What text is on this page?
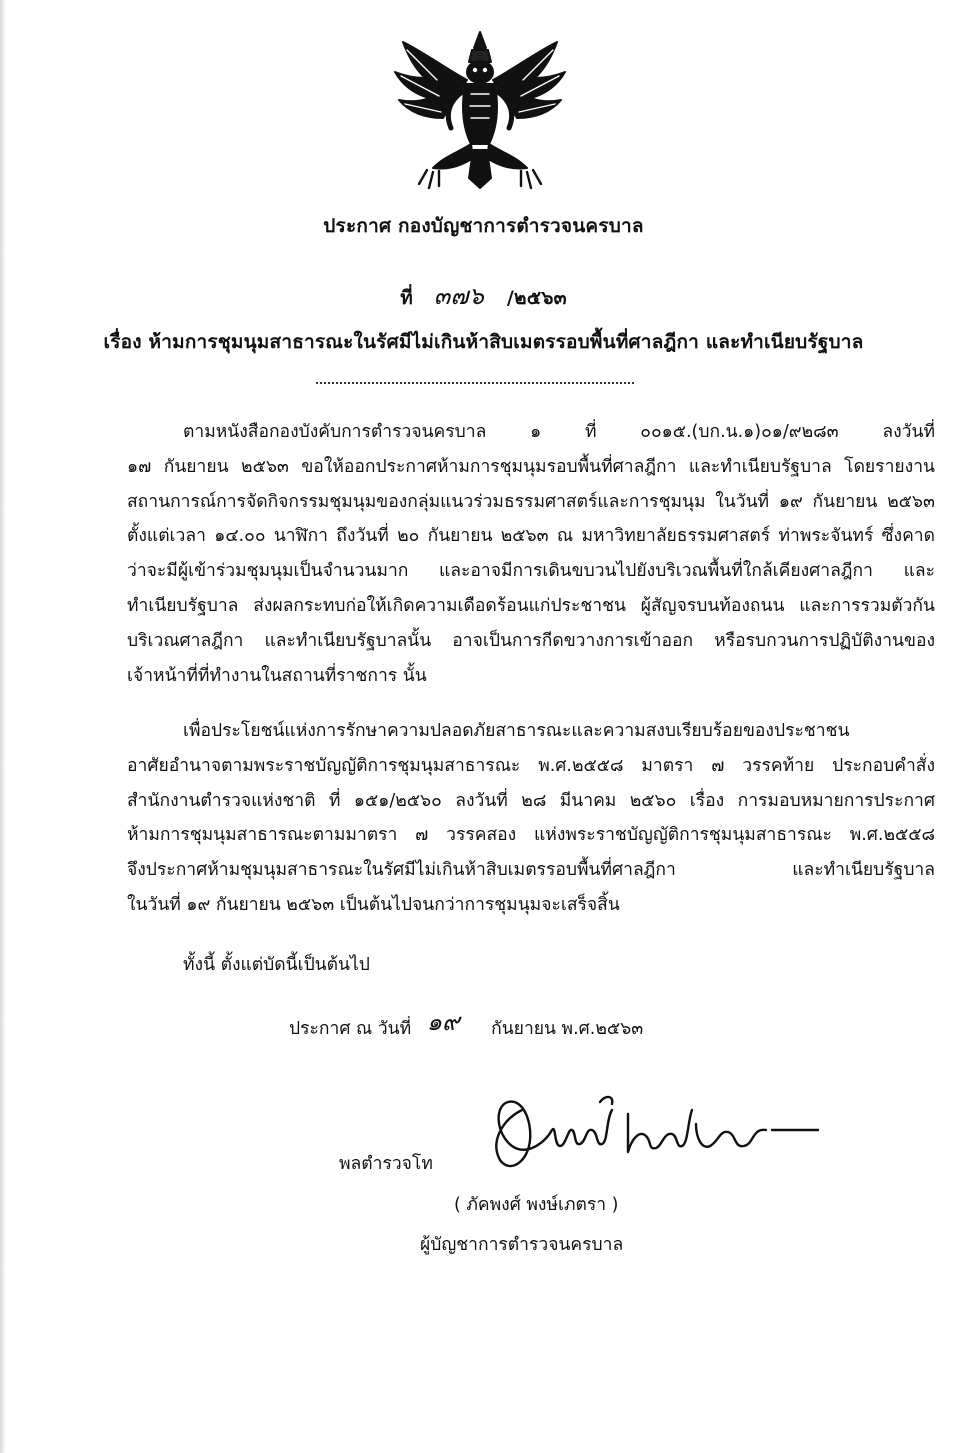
ประกาศ กองบัญชาการตำรวจนครบาล
ที่ ๓๗๖ /๒๕๖๓
เรื่อง ห้ามการชุมนุมสาธารณะในรัศมีไม่เกินห้าสิบเมตรรอบพื้นที่ศาลฎีกา และทำเนียบรัฐบาล
ตามหนังสือกองบังคับการตำรวจนครบาล ๑ ที่ ๐๐๑๕.(บก.น.๑)๐๑/๙๒๘๓ ลงวันที่
๑๗ กันยายน ๒๕๖๓ ขอให้ออกประกาศห้ามการชุมนุมรอบพื้นที่ศาลฎีกา และทำเนียบรัฐบาล โดยรายงาน
สถานการณ์การจัดกิจกรรมชุมนุมของกลุ่มแนวร่วมธรรมศาสตร์และการชุมนุม ในวันที่ ๑๙ กันยายน ๒๕๖๓
ตั้งแต่เวลา ๑๔.๐๐ นาฬิกา ถึงวันที่ ๒๐ กันยายน ๒๕๖๓ ณ มหาวิทยาลัยธรรมศาสตร์ ท่าพระจันทร์ ซึ่งคาด
ว่าจะมีผู้เข้าร่วมชุมนุมเป็นจำนวนมาก และอาจมีการเดินขบวนไปยังบริเวณพื้นที่ใกล้เคียงศาลฎีกา และ
ทำเนียบรัฐบาล ส่งผลกระทบก่อให้เกิดความเดือดร้อนแก่ประชาชน ผู้สัญจรบนท้องถนน และการรวมตัวกัน
บริเวณศาลฎีกา และทำเนียบรัฐบาลนั้น อาจเป็นการกีดขวางการเข้าออก หรือรบกวนการปฏิบัติงานของ
เจ้าหน้าที่ที่ทำงานในสถานที่ราชการ นั้น
เพื่อประโยชน์แห่งการรักษาความปลอดภัยสาธารณะและความสงบเรียบร้อยของประชาชน
อาศัยอำนาจตามพระราชบัญญัติการชุมนุมสาธารณะ พ.ศ.๒๕๕๘ มาตรา ๗ วรรคท้าย ประกอบคำสั่ง
สำนักงานตำรวจแห่งชาติ ที่ ๑๕๑/๒๕๖๐ ลงวันที่ ๒๘ มีนาคม ๒๕๖๐ เรื่อง การมอบหมายการประกาศ
ห้ามการชุมนุมสาธารณะตามมาตรา ๗ วรรคสอง แห่งพระราชบัญญัติการชุมนุมสาธารณะ พ.ศ.๒๕๕๘
จึงประกาศห้ามชุมนุมสาธารณะในรัศมีไม่เกินห้าสิบเมตรรอบพื้นที่ศาลฎีกา และทำเนียบรัฐบาล
ในวันที่ ๑๙ กันยายน ๒๕๖๓ เป็นต้นไปจนกว่าการชุมนุมจะเสร็จสิ้น
ทั้งนี้ ตั้งแต่บัดนี้เป็นต้นไป
ประกาศ ณ วันที่ ๑๙ กันยายน พ.ศ.๒๕๖๓
พลตำรวจโท
( ภัคพงศ์ พงษ์เภตรา )
ผู้บัญชาการตำรวจนครบาล
